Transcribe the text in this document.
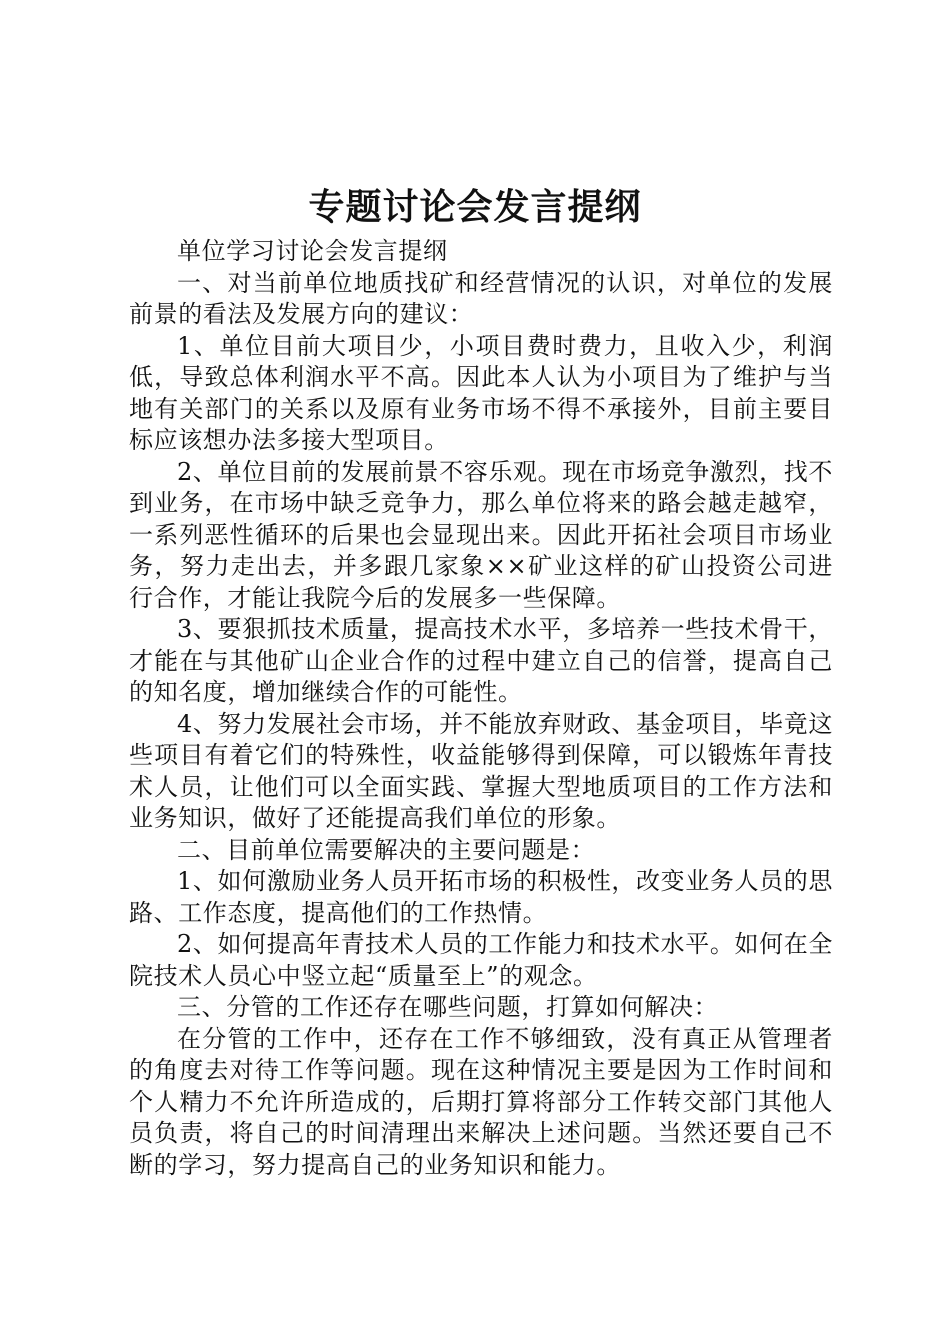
专题讨论会发言提纲

单位学习讨论会发言提纲

一、对当前单位地质找矿和经营情况的认识，对单位的发展前景的看法及发展方向的建议：

1、单位目前大项目少，小项目费时费力，且收入少，利润低，导致总体利润水平不高。因此本人认为小项目为了维护与当地有关部门的关系以及原有业务市场不得不承接外，目前主要目标应该想办法多接大型项目。

2、单位目前的发展前景不容乐观。现在市场竞争激烈，找不到业务，在市场中缺乏竞争力，那么单位将来的路会越走越窄，一系列恶性循环的后果也会显现出来。因此开拓社会项目市场业务，努力走出去，并多跟几家象××矿业这样的矿山投资公司进行合作，才能让我院今后的发展多一些保障。

3、要狠抓技术质量，提高技术水平，多培养一些技术骨干，才能在与其他矿山企业合作的过程中建立自己的信誉，提高自己的知名度，增加继续合作的可能性。

4、努力发展社会市场，并不能放弃财政、基金项目，毕竟这些项目有着它们的特殊性，收益能够得到保障，可以锻炼年青技术人员，让他们可以全面实践、掌握大型地质项目的工作方法和业务知识，做好了还能提高我们单位的形象。

二、目前单位需要解决的主要问题是：

1、如何激励业务人员开拓市场的积极性，改变业务人员的思路、工作态度，提高他们的工作热情。

2、如何提高年青技术人员的工作能力和技术水平。如何在全院技术人员心中竖立起“质量至上”的观念。

三、分管的工作还存在哪些问题，打算如何解决：

在分管的工作中，还存在工作不够细致，没有真正从管理者的角度去对待工作等问题。现在这种情况主要是因为工作时间和个人精力不允许所造成的，后期打算将部分工作转交部门其他人员负责，将自己的时间清理出来解决上述问题。当然还要自己不断的学习，努力提高自己的业务知识和能力。
